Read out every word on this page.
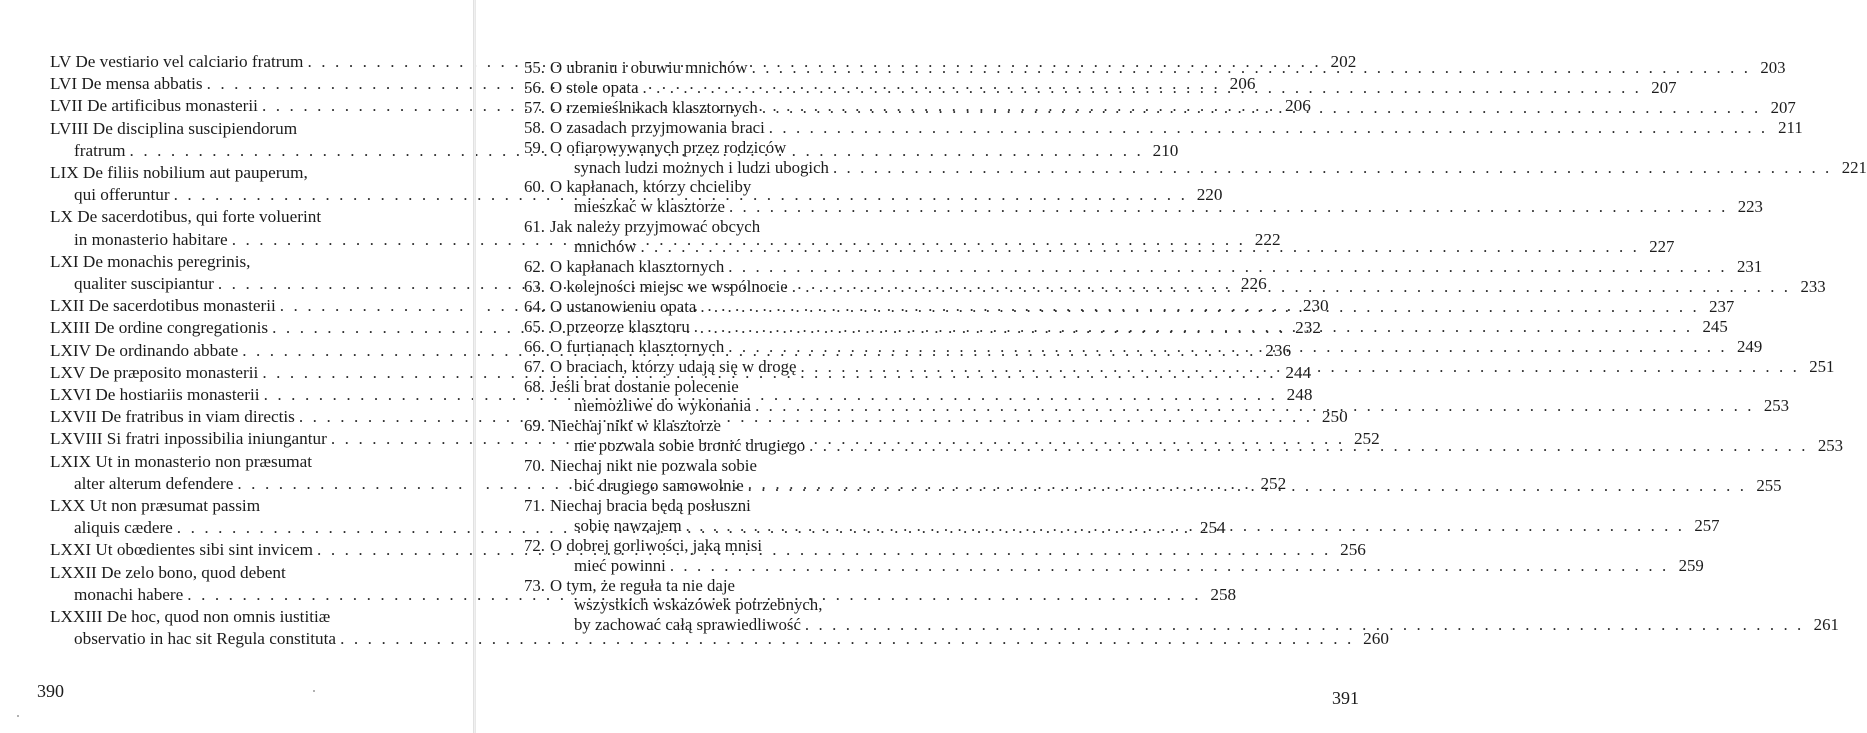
LV De vestiario vel calciario fratrum . . .	202
LVI De mensa abbatis . . .	206
LVII De artificibus monasterii . . .	206
LVIII De disciplina suscipiendorum
fratrum . . .	210
LIX De filiis nobilium aut pauperum,
qui offeruntur . . .	220
LX De sacerdotibus, qui forte voluerint
in monasterio habitare . . .	222
LXI De monachis peregrinis,
qualiter suscipiantur . . .	226
LXII De sacerdotibus monasterii . . .	230
LXIII De ordine congregationis . . .	232
LXIV De ordinando abbate . . .	236
LXV De præposito monasterii . . .	244
LXVI De hostiariis monasterii . . .	248
LXVII De fratribus in viam directis . . .	250
LXVIII Si fratri inpossibilia iniungantur . . .	252
LXIX Ut in monasterio non præsumat
alter alterum defendere . . .	252
LXX Ut non præsumat passim
aliquis cædere . . .	254
LXXI Ut obœdientes sibi sint invicem . . .	256
LXXII De zelo bono, quod debent
monachi habere . . .	258
LXXIII De hoc, quod non omnis iustitiæ
observatio in hac sit Regula constituta . . .	260
390
55. O ubraniu i obuwiu mnichów . . .	203
56. O stole opata . . .	207
57. O rzemieślnikach klasztornych . . .	207
58. O zasadach przyjmowania braci . . .	211
59. O ofiarowywanych przez rodziców
synach ludzi możnych i ludzi ubogich . . .	221
60. O kapłanach, którzy chcieliby
mieszkać w klasztorze . . .	223
61. Jak należy przyjmować obcych
mnichów . . .	227
62. O kapłanach klasztornych . . .	231
63. O kolejności miejsc we wspólnocie . . .	233
64. O ustanowieniu opata . . .	237
65. O przeorze klasztoru . . .	245
66. O furtianach klasztornych . . .	249
67. O braciach, którzy udają się w drogę . . .	251
68. Jeśli brat dostanie polecenie
niemożliwe do wykonania . . .	253
69. Niechaj nikt w klasztorze
nie pozwala sobie bronić drugiego . . .	253
70. Niechaj nikt nie pozwala sobie
bić drugiego samowolnie . . .	255
71. Niechaj bracia będą posłuszni
sobie nawzajem . . .	257
72. O dobrej gorliwości, jaką mnisi
mieć powinni . . .	259
73. O tym, że reguła ta nie daje
wszystkich wskazówek potrzebnych,
by zachować całą sprawiedliwość . . .	261
391
